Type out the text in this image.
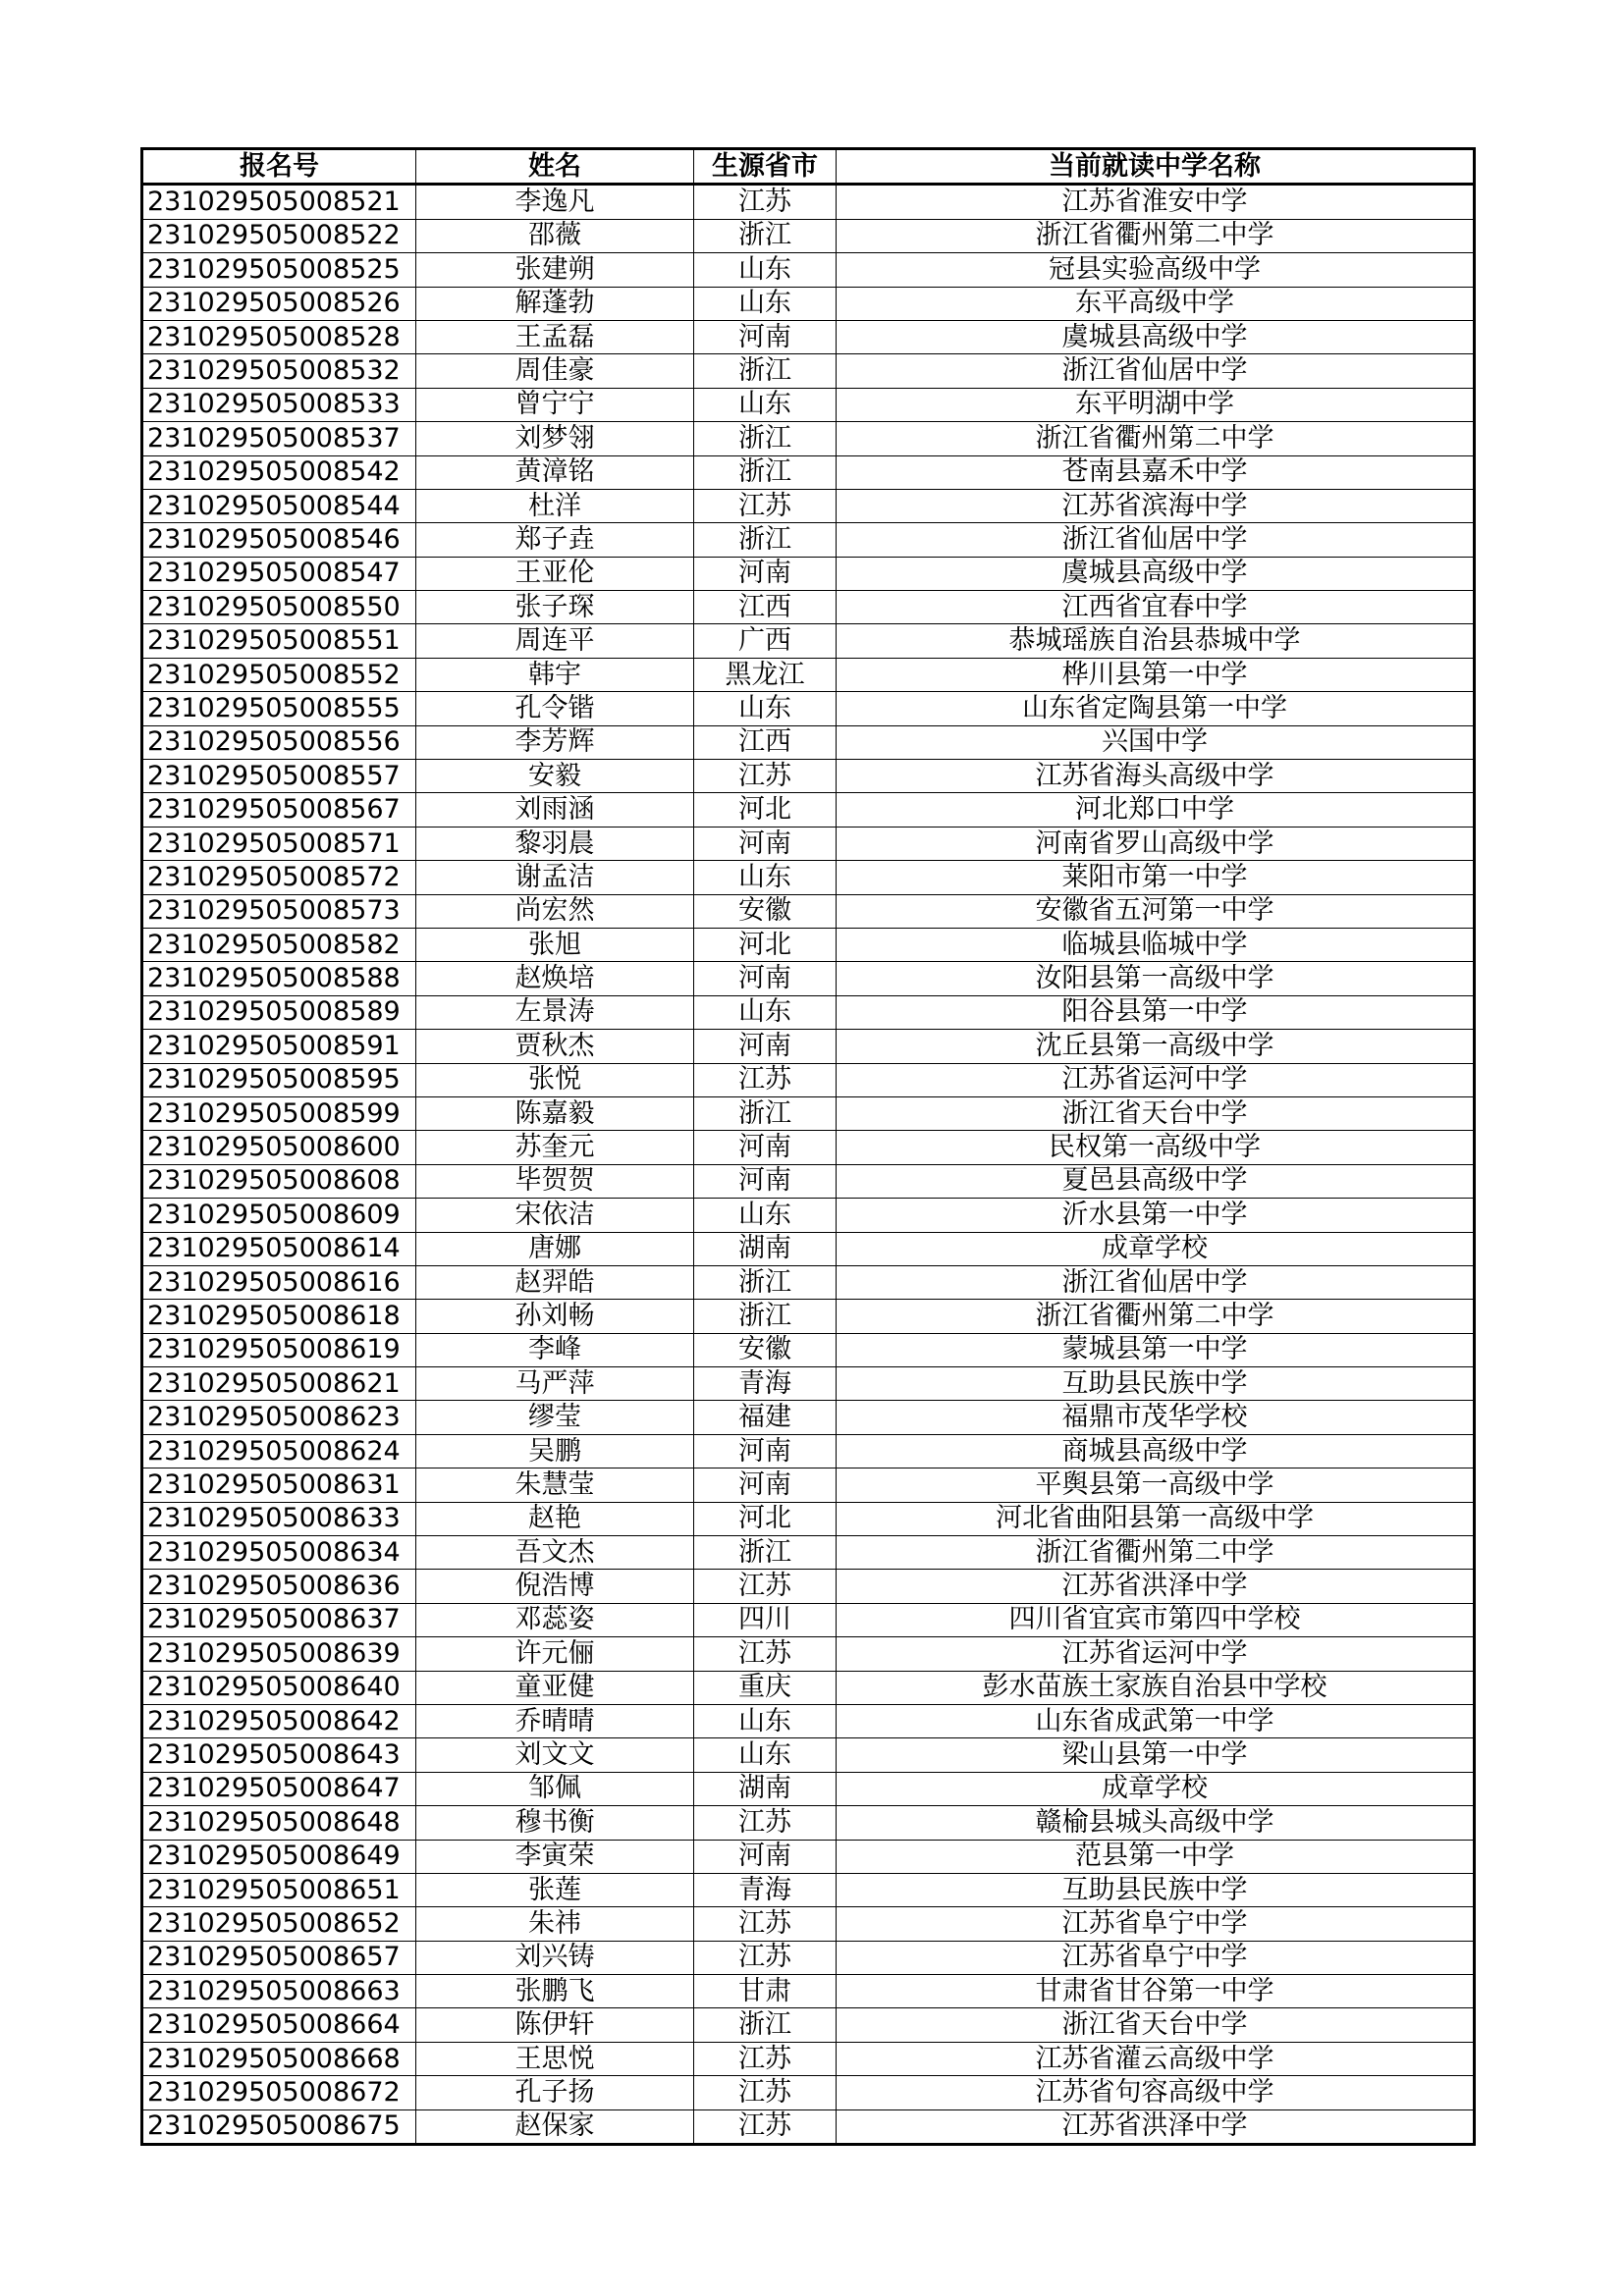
报名号	姓名	生源省市	当前就读中学名称
231029505008521	李逸凡	江苏	江苏省淮安中学
231029505008522	邵薇	浙江	浙江省衢州第二中学
231029505008525	张建朔	山东	冠县实验高级中学
231029505008526	解蓬勃	山东	东平高级中学
231029505008528	王孟磊	河南	虞城县高级中学
231029505008532	周佳豪	浙江	浙江省仙居中学
231029505008533	曾宁宁	山东	东平明湖中学
231029505008537	刘梦翎	浙江	浙江省衢州第二中学
231029505008542	黄漳铭	浙江	苍南县嘉禾中学
231029505008544	杜洋	江苏	江苏省滨海中学
231029505008546	郑子垚	浙江	浙江省仙居中学
231029505008547	王亚伦	河南	虞城县高级中学
231029505008550	张子琛	江西	江西省宜春中学
231029505008551	周连平	广西	恭城瑶族自治县恭城中学
231029505008552	韩宇	黑龙江	桦川县第一中学
231029505008555	孔令锴	山东	山东省定陶县第一中学
231029505008556	李芳辉	江西	兴国中学
231029505008557	安毅	江苏	江苏省海头高级中学
231029505008567	刘雨涵	河北	河北郑口中学
231029505008571	黎羽晨	河南	河南省罗山高级中学
231029505008572	谢孟洁	山东	莱阳市第一中学
231029505008573	尚宏然	安徽	安徽省五河第一中学
231029505008582	张旭	河北	临城县临城中学
231029505008588	赵焕培	河南	汝阳县第一高级中学
231029505008589	左景涛	山东	阳谷县第一中学
231029505008591	贾秋杰	河南	沈丘县第一高级中学
231029505008595	张悦	江苏	江苏省运河中学
231029505008599	陈嘉毅	浙江	浙江省天台中学
231029505008600	苏奎元	河南	民权第一高级中学
231029505008608	毕贺贺	河南	夏邑县高级中学
231029505008609	宋依洁	山东	沂水县第一中学
231029505008614	唐娜	湖南	成章学校
231029505008616	赵羿皓	浙江	浙江省仙居中学
231029505008618	孙刘畅	浙江	浙江省衢州第二中学
231029505008619	李峰	安徽	蒙城县第一中学
231029505008621	马严萍	青海	互助县民族中学
231029505008623	缪莹	福建	福鼎市茂华学校
231029505008624	吴鹏	河南	商城县高级中学
231029505008631	朱慧莹	河南	平舆县第一高级中学
231029505008633	赵艳	河北	河北省曲阳县第一高级中学
231029505008634	吾文杰	浙江	浙江省衢州第二中学
231029505008636	倪浩博	江苏	江苏省洪泽中学
231029505008637	邓蕊姿	四川	四川省宜宾市第四中学校
231029505008639	许元俪	江苏	江苏省运河中学
231029505008640	童亚健	重庆	彭水苗族土家族自治县中学校
231029505008642	乔晴晴	山东	山东省成武第一中学
231029505008643	刘文文	山东	梁山县第一中学
231029505008647	邹佩	湖南	成章学校
231029505008648	穆书衡	江苏	赣榆县城头高级中学
231029505008649	李寅荣	河南	范县第一中学
231029505008651	张莲	青海	互助县民族中学
231029505008652	朱祎	江苏	江苏省阜宁中学
231029505008657	刘兴铸	江苏	江苏省阜宁中学
231029505008663	张鹏飞	甘肃	甘肃省甘谷第一中学
231029505008664	陈伊轩	浙江	浙江省天台中学
231029505008668	王思悦	江苏	江苏省灌云高级中学
231029505008672	孔子扬	江苏	江苏省句容高级中学
231029505008675	赵保家	江苏	江苏省洪泽中学
